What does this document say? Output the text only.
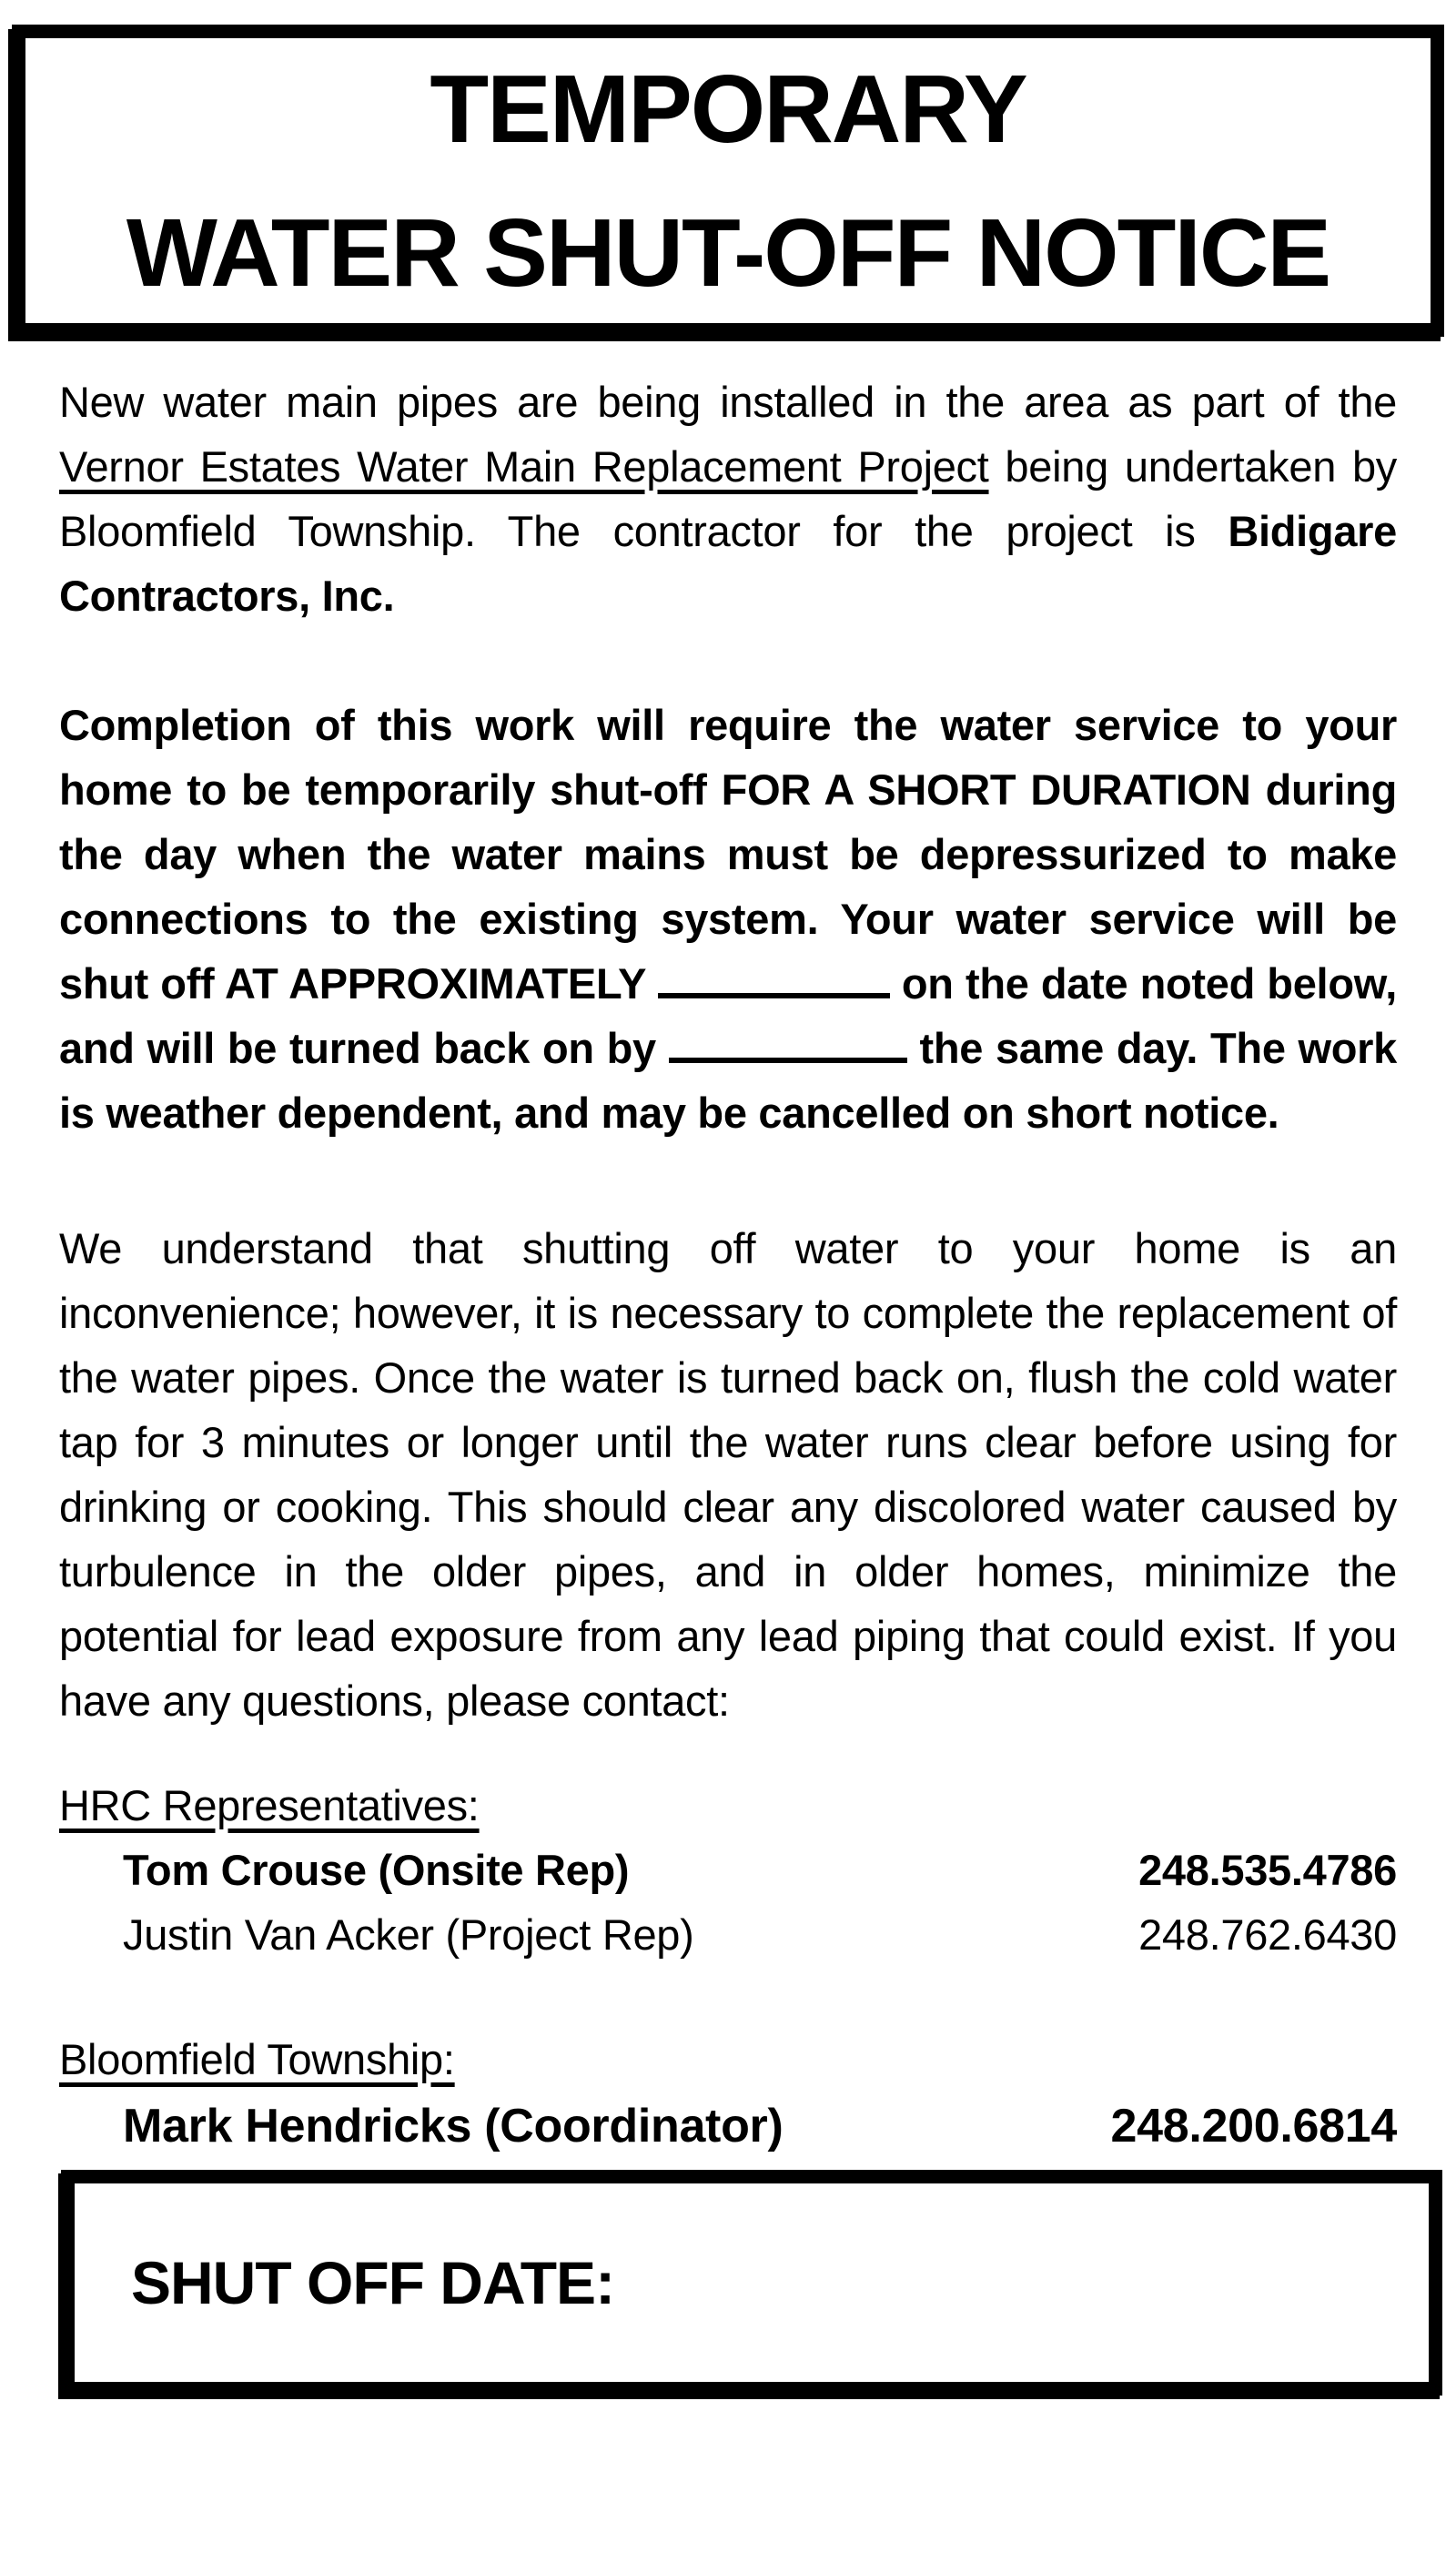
TEMPORARY
WATER SHUT-OFF NOTICE

New water main pipes are being installed in the area as part of the Vernor Estates Water Main Replacement Project being undertaken by Bloomfield Township. The contractor for the project is Bidigare Contractors, Inc.

Completion of this work will require the water service to your home to be temporarily shut-off FOR A SHORT DURATION during the day when the water mains must be depressurized to make connections to the existing system. Your water service will be shut off AT APPROXIMATELY	on the date noted below, and will be turned back on by	the same day. The work is weather dependent, and may be cancelled on short notice.

We understand that shutting off water to your home is an inconvenience; however, it is necessary to complete the replacement of the water pipes. Once the water is turned back on, flush the cold water tap for 3 minutes or longer until the water runs clear before using for drinking or cooking. This should clear any discolored water caused by turbulence in the older pipes, and in older homes, minimize the potential for lead exposure from any lead piping that could exist. If you have any questions, please contact:

HRC Representatives:
Tom Crouse (Onsite Rep)	248.535.4786
Justin Van Acker (Project Rep)	248.762.6430
Bloomfield Township:
Mark Hendricks (Coordinator)	248.200.6814
SHUT OFF DATE:
